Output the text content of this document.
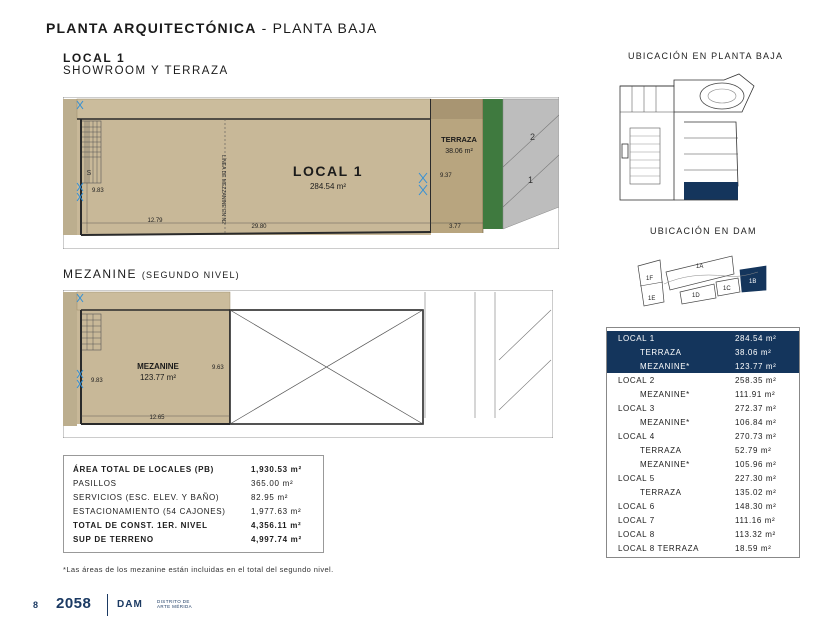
PLANTA ARQUITECTÓNICA - PLANTA BAJA
LOCAL 1
SHOWROOM Y TERRAZA
S	LÍNEA DE MEZZANINE EN N2	LOCAL 1
284.54 m²
TERRAZA
38.06 m²
9.83
9.37
12.79
29.80	3.77
2
1
MEZANINE (SEGUNDO NIVEL)
MEZANINE
123.77 m²
9.83
9.63
12.65
UBICACIÓN EN PLANTA BAJA
UBICACIÓN EN DAM
1F
1E
1A
1D
1C
1B
LOCAL 1	284.54 m²
TERRAZA	38.06 m²
MEZANINE*	123.77 m²
LOCAL 2	258.35 m²
MEZANINE*	111.91 m²
LOCAL 3	272.37 m²
MEZANINE*	106.84 m²
LOCAL 4	270.73 m²
TERRAZA	52.79 m²
MEZANINE*	105.96 m²
LOCAL 5	227.30 m²
TERRAZA	135.02 m²
LOCAL 6	148.30 m²
LOCAL 7	111.16 m²
LOCAL 8	113.32 m²
LOCAL 8 TERRAZA	18.59 m²
ÁREA TOTAL DE LOCALES (PB)	1,930.53 m²
PASILLOS	365.00 m²
SERVICIOS (ESC. ELEV. Y BAÑO)	82.95 m²
ESTACIONAMIENTO (54 CAJONES)	1,977.63 m²
TOTAL DE CONST. 1ER. NIVEL	4,356.11 m²
SUP DE TERRENO	4,997.74 m²
*Las áreas de los mezanine están incluidas en el total del segundo nivel.
8 2058	DAM	DISTRITO DE ARTE MÉRIDA
